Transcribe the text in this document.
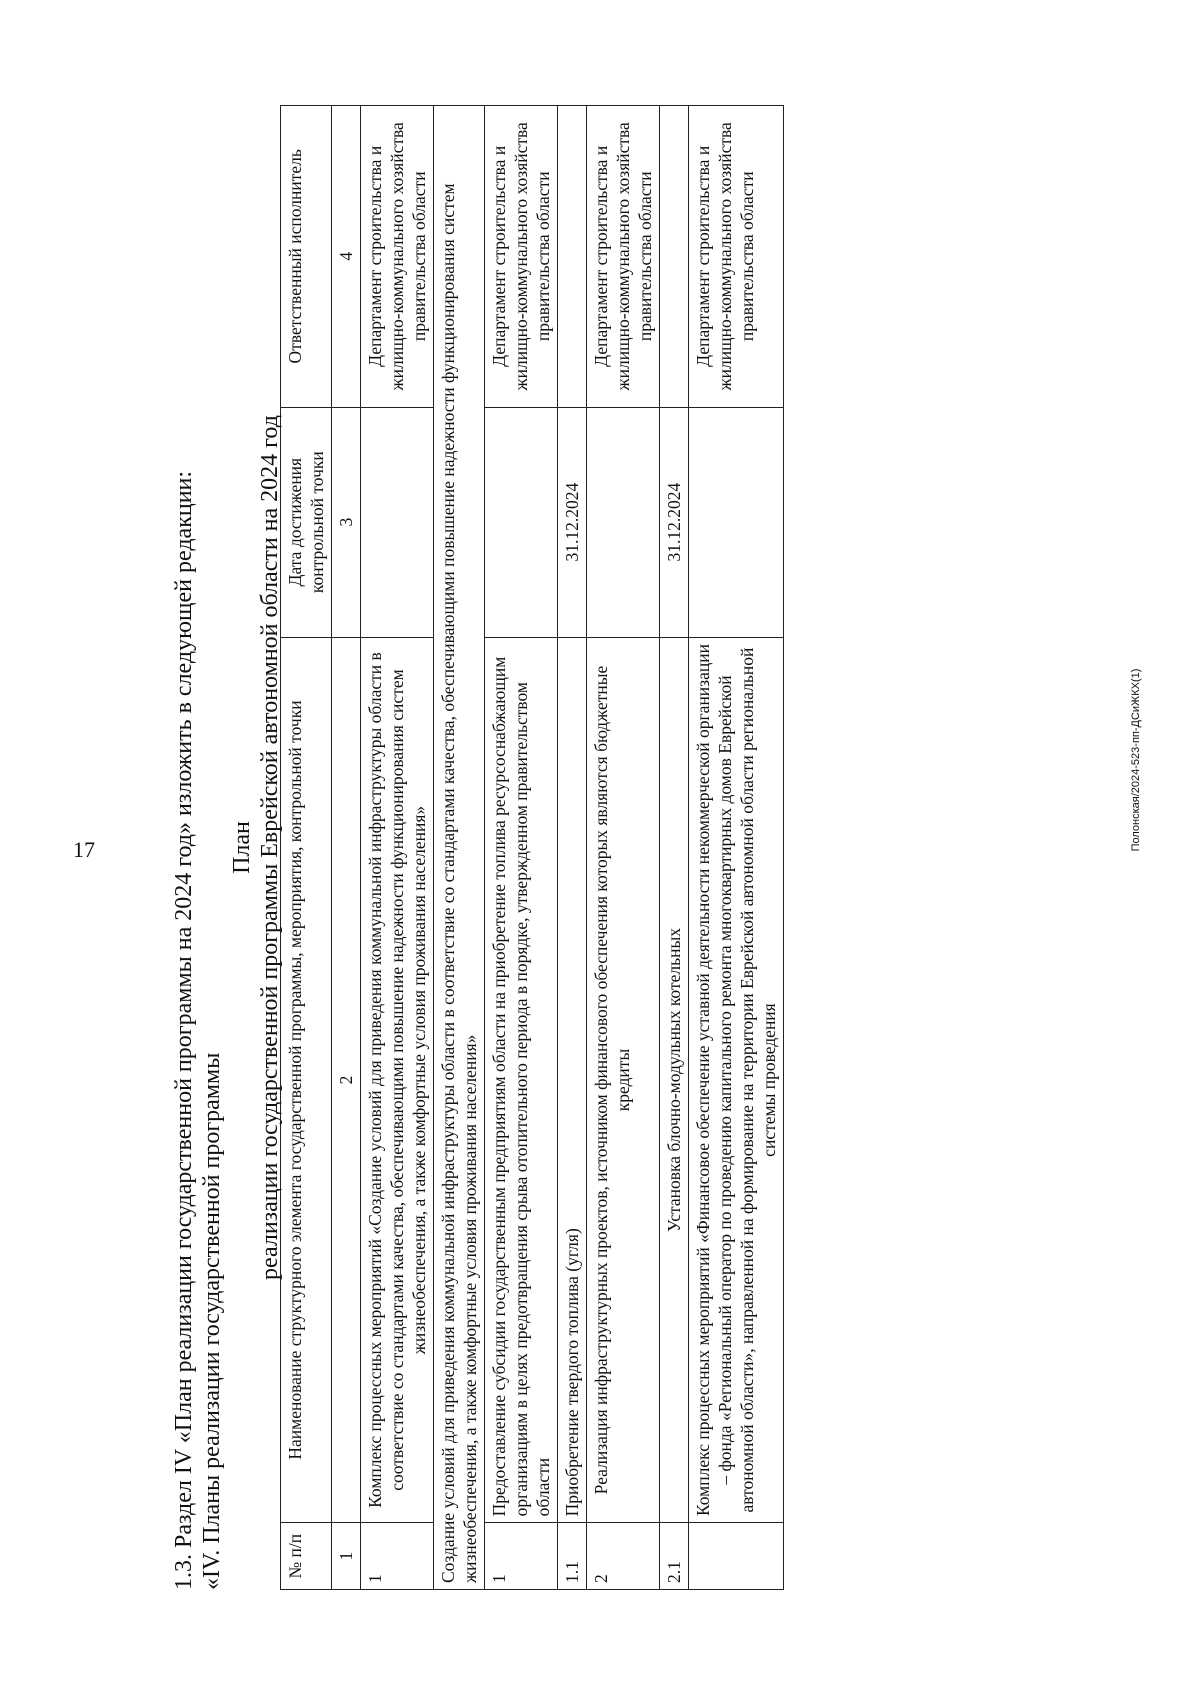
17	Полонская/2024-523-пп-ДСиЖКХ(1)
1.3. Раздел IV «План реализации государственной программы на 2024 год» изложить в следующей редакции: «IV. Планы реализации государственной программы
План реализации государственной программы Еврейской автономной области на 2024 год
№ п/п	Наименование структурного элемента государственной программы, мероприятия, контрольной точки	Дата достижения контрольной точки	Ответственный исполнитель
1	2	3	4
1	Комплекс процессных мероприятий «Создание условий для приведения коммунальной инфраструктуры области в соответствие со стандартами качества, обеспечивающими повышение надежности функционирования систем жизнеобеспечения, а также комфортные условия проживания населения»		Департамент строительства и жилищно-коммунального хозяйства правительства области
Создание условий для приведения коммунальной инфраструктуры области в соответствие со стандартами качества, обеспечивающими повышение надежности функционирования систем жизнеобеспечения, а также комфортные условия проживания населения»			
1	Предоставление субсидии государственным предприятиям области на приобретение топлива ресурсоснабжающим организациям в целях предотвращения срыва отопительного периода в порядке, утвержденном правительством области		Департамент строительства и жилищно-коммунального хозяйства правительства области
1.1	Приобретение твердого топлива (угля)	31.12.2024	
2	Реализация инфраструктурных проектов, источником финансового обеспечения которых являются бюджетные кредиты		Департамент строительства и жилищно-коммунального хозяйства правительства области
2.1	Установка блочно-модульных котельных	31.12.2024	
	Комплекс процессных мероприятий «Финансовое обеспечение уставной деятельности некоммерческой организации – фонда «Региональный оператор по проведению капитального ремонта многоквартирных домов Еврейской автономной области», направленной на формирование на территории Еврейской автономной области региональной системы проведения		Департамент строительства и жилищно-коммунального хозяйства правительства области
